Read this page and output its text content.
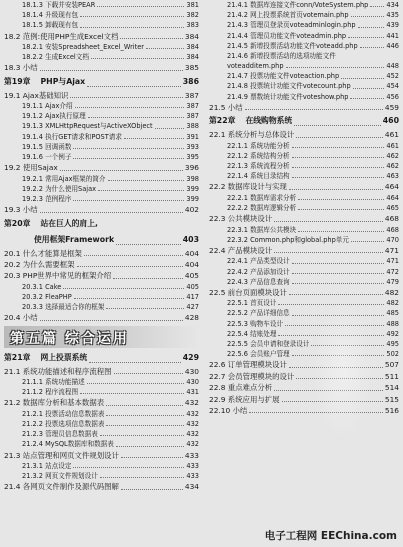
18.1.3 下载并安装PEAR	381
18.1.4 升级现有包	382
18.1.5 卸载现有包	383
18.2 范例:使用PHP生成Excel文档	384
18.2.1 安装Spreadsheet_Excel_Writer	384
18.2.2 生成Excel文档	384
18.3 小结	385
第19章 PHP与Ajax	386
19.1 Ajax基础知识	387
19.1.1 Ajax介绍	387
19.1.2 Ajax执行原理	387
19.1.3 XMLHttpRequest与ActiveXObject	388
19.1.4 执行GET请求和POST请求	391
19.1.5 回调函数	393
19.1.6 一个例子	395
19.2 使用Sajax	396
19.2.1 常用Ajax框架的简介	398
19.2.2 为什么使用Sajax	399
19.2.3 范例程序	399
19.3 小结	402
第20章 站在巨人的肩上,
使用框架Framework	403
20.1 什么才能算是框架	404
20.2 为什么需要框架	404
20.3 PHP世界中常见的框架介绍	405
20.3.1 Cake	405
20.3.2 FleaPHP	417
20.3.3 选择最适合你的框架	427
20.4 小结	428
第五篇 综合运用
第21章 网上投票系统	429
21.1 系统功能描述和程序流程图	430
21.1.1 系统功能描述	430
21.1.2 程序流程图	431
21.2 数据库分析和基本数据表	432
21.2.1 投票活动信息数据表	432
21.2.2 投票选项信息数据表	432
21.2.3 管理员信息数据表	432
21.2.4 MySQL数据库和数据表	432
21.3 站点管理和网页文件规划设计	433
21.3.1 站点设定	433
21.3.2 网页文件规划设计	433
21.4 各网页文件制作及源代码图解	434
21.4.1 数据库连接文件conn/VoteSystem.php	434
21.4.2 网上投票系统首页votemain.php	435
21.4.3 管理员登录页voteadminlogin.php	439
21.4.4 管理员功能文件voteadmin.php	441
21.4.5 新增投票活动功能文件voteadd.php	446
21.4.6 新增投票活动的选项功能文件
voteadditem.php	448
21.4.7 投票功能文件voteaction.php	452
21.4.8 投票统计功能文件votecount.php	454
21.4.9 票数统计功能文件voteshow.php	456
21.5 小结	459
第22章 在线购物系统	460
22.1 系统分析与总体设计	461
22.1.1 系统功能分析	461
22.1.2 系统结构分析	462
22.1.3 系统流程分析	462
22.1.4 系统目录结构	463
22.2 数据库设计与实现	464
22.2.1 数据库需求分析	464
22.2.2 数据库逻辑分析	465
22.3 公共模块设计	468
22.3.1 数据库公共模块	468
22.3.2 Common.php和global.php单元	470
22.4 产品模块设计	471
22.4.1 产品类型设计	471
22.4.2 产品添加设计	472
22.4.3 产品信息查询	479
22.5 前台页面模块设计	482
22.5.1 首页设计	482
22.5.2 产品详细信息	485
22.5.3 购物车设计	488
22.5.4 结账处理	492
22.5.5 会员申请和登录设计	495
22.5.6 会员账户管理	502
22.6 订单管理模块设计	507
22.7 会员管理模块的设计	511
22.8 重点难点分析	514
22.9 系统应用与扩展	515
22.10 小结	516
电子工程网 EEChina.com
